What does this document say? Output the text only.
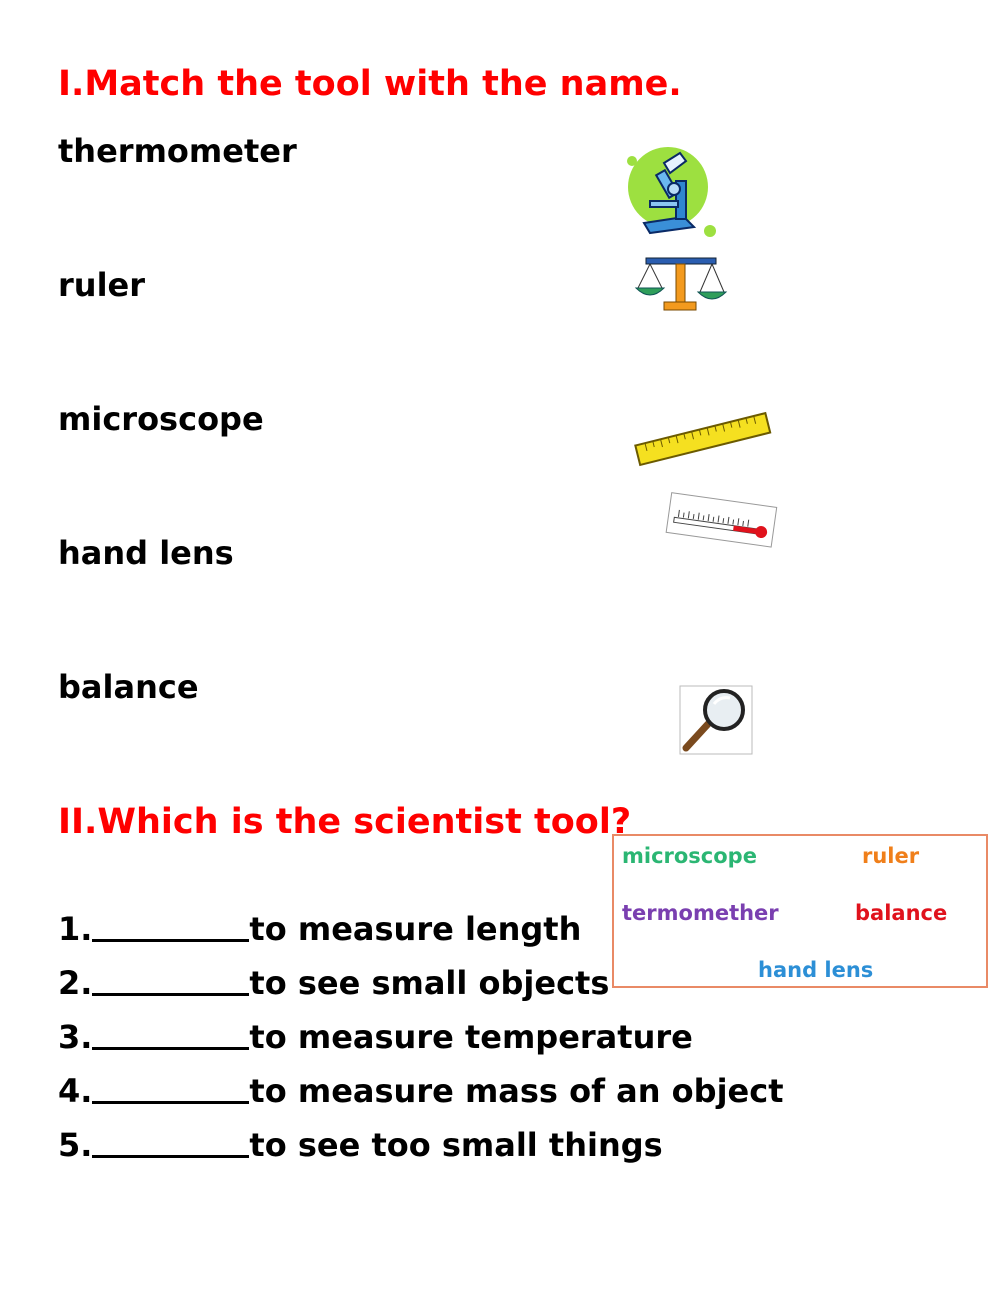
I.Match the tool with the name.
thermometer
ruler
microscope
hand lens
balance
II.Which is the scientist tool?
microscope	ruler
termomether	balance
hand lens
1.	to measure length
2.	to see small objects
3.	to measure temperature
4.	to measure mass of an object
5.	to see too small things
